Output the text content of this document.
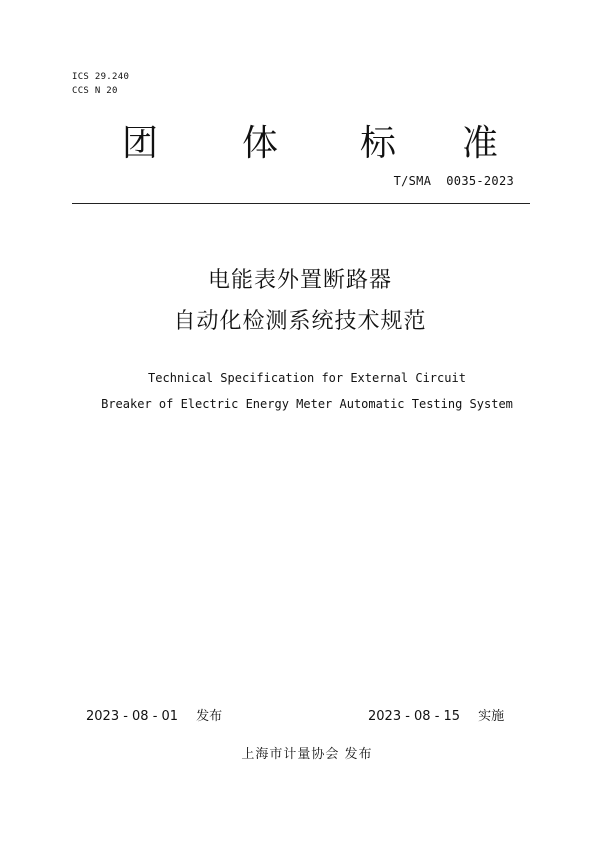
ICS 29.240
CCS N 20
团 体 标 准
T/SMA  0035-2023
电能表外置断路器
自动化检测系统技术规范
Technical Specification for External Circuit
Breaker of Electric Energy Meter Automatic Testing System
2023 - 08 - 01 发布	2023 - 08 - 15 实施
上海市计量协会 发布
